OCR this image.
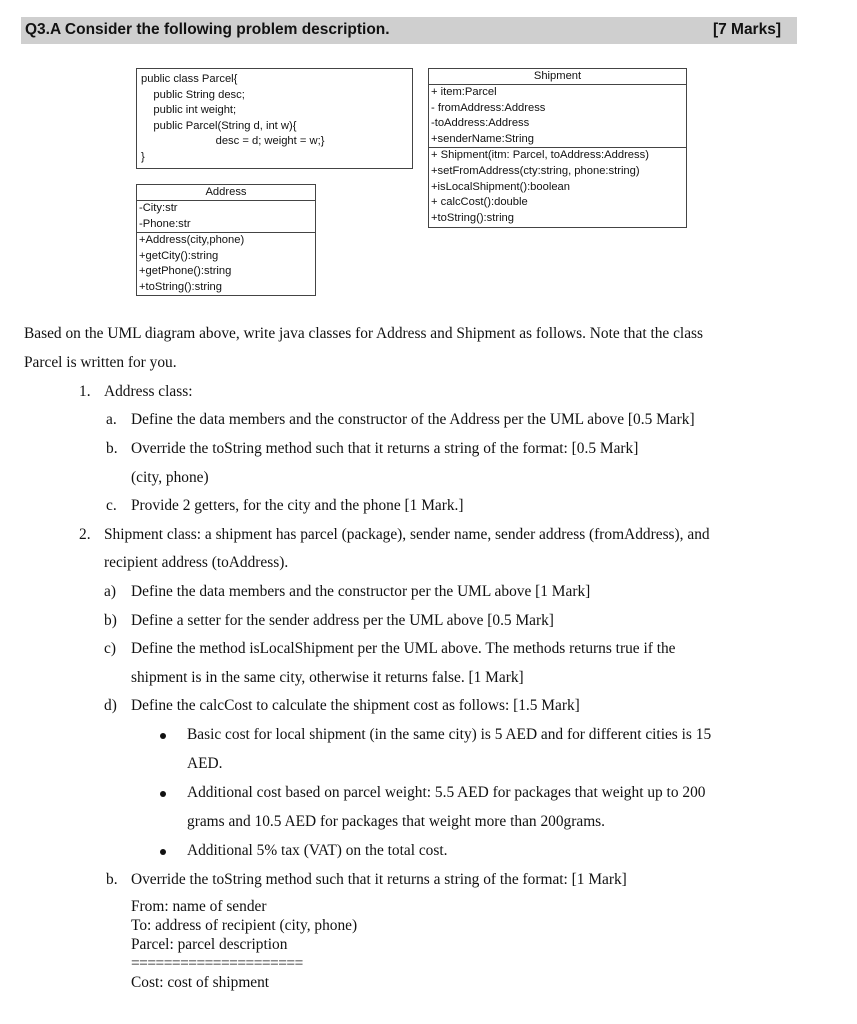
Q3.A Consider the following problem description.	[7 Marks]
public class Parcel{
public String desc;
public int weight;
public Parcel(String d, int w){
desc = d; weight = w;}
}
Address
-City:str
-Phone:str
+Address(city,phone)
+getCity():string
+getPhone():string
+toString():string
Shipment
+ item:Parcel
- fromAddress:Address
-toAddress:Address
+senderName:String
+ Shipment(itm: Parcel, toAddress:Address)
+setFromAddress(cty:string, phone:string)
+isLocalShipment():boolean
+ calcCost():double
+toString():string
Based on the UML diagram above, write java classes for Address and Shipment as follows. Note that the class
Parcel is written for you.
1. Address class:
a. Define the data members and the constructor of the Address per the UML above [0.5 Mark]
b. Override the toString method such that it returns a string of the format: [0.5 Mark]
(city, phone)
c. Provide 2 getters, for the city and the phone [1 Mark.]
2. Shipment class: a shipment has parcel (package), sender name, sender address (fromAddress), and
recipient address (toAddress).
a) Define the data members and the constructor per the UML above [1 Mark]
b) Define a setter for the sender address per the UML above [0.5 Mark]
c) Define the method isLocalShipment per the UML above. The methods returns true if the
shipment is in the same city, otherwise it returns false. [1 Mark]
d) Define the calcCost to calculate the shipment cost as follows: [1.5 Mark]
Basic cost for local shipment (in the same city) is 5 AED and for different cities is 15
AED.
Additional cost based on parcel weight: 5.5 AED for packages that weight up to 200
grams and 10.5 AED for packages that weight more than 200grams.
Additional 5% tax (VAT) on the total cost.
b. Override the toString method such that it returns a string of the format: [1 Mark]
From: name of sender
To: address of recipient (city, phone)
Parcel: parcel description
=====================
Cost: cost of shipment
